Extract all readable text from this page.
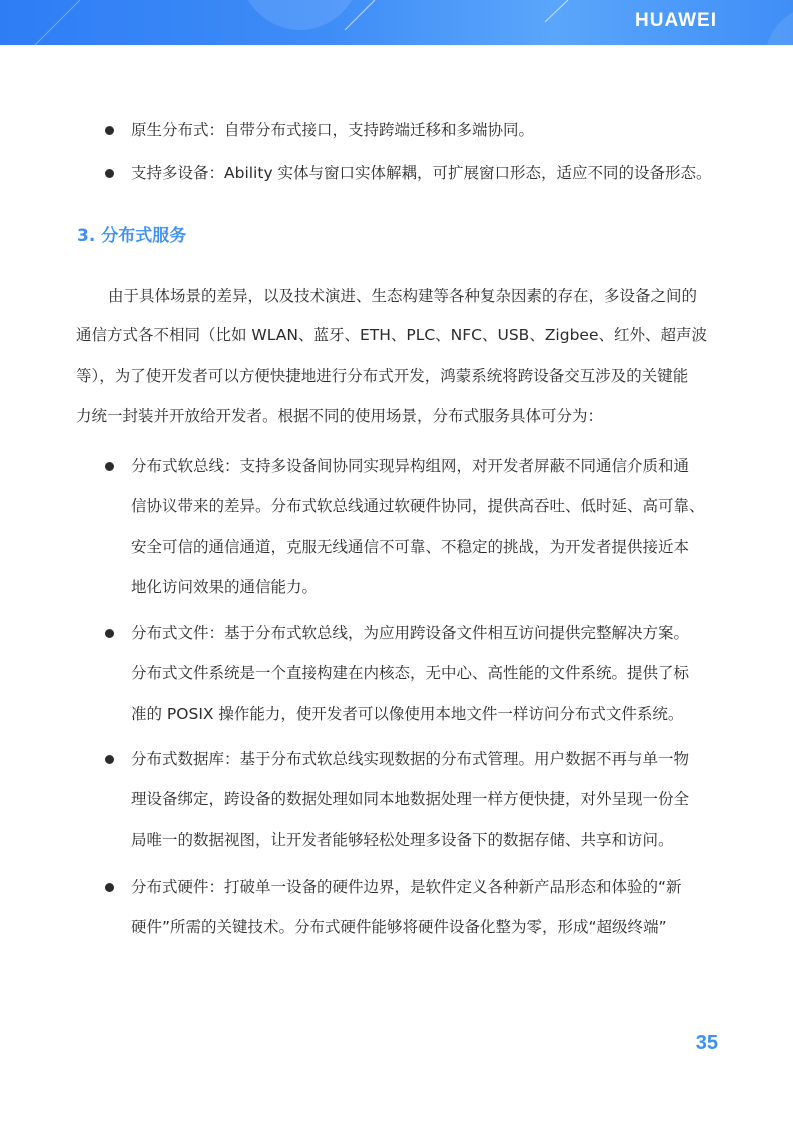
HUAWEI
原生分布式：自带分布式接口，支持跨端迁移和多端协同。
支持多设备：Ability 实体与窗口实体解耦，可扩展窗口形态，适应不同的设备形态。
3. 分布式服务
由于具体场景的差异，以及技术演进、生态构建等各种复杂因素的存在，多设备之间的
通信方式各不相同（比如 WLAN、蓝牙、ETH、PLC、NFC、USB、Zigbee、红外、超声波
等），为了使开发者可以方便快捷地进行分布式开发，鸿蒙系统将跨设备交互涉及的关键能
力统一封装并开放给开发者。根据不同的使用场景，分布式服务具体可分为：
分布式软总线：支持多设备间协同实现异构组网，对开发者屏蔽不同通信介质和通
信协议带来的差异。分布式软总线通过软硬件协同，提供高吞吐、低时延、高可靠、
安全可信的通信通道，克服无线通信不可靠、不稳定的挑战，为开发者提供接近本
地化访问效果的通信能力。
分布式文件：基于分布式软总线，为应用跨设备文件相互访问提供完整解决方案。
分布式文件系统是一个直接构建在内核态，无中心、高性能的文件系统。提供了标
准的 POSIX 操作能力，使开发者可以像使用本地文件一样访问分布式文件系统。
分布式数据库：基于分布式软总线实现数据的分布式管理。用户数据不再与单一物
理设备绑定，跨设备的数据处理如同本地数据处理一样方便快捷，对外呈现一份全
局唯一的数据视图，让开发者能够轻松处理多设备下的数据存储、共享和访问。
分布式硬件：打破单一设备的硬件边界，是软件定义各种新产品形态和体验的“新
硬件”所需的关键技术。分布式硬件能够将硬件设备化整为零，形成“超级终端”
35
